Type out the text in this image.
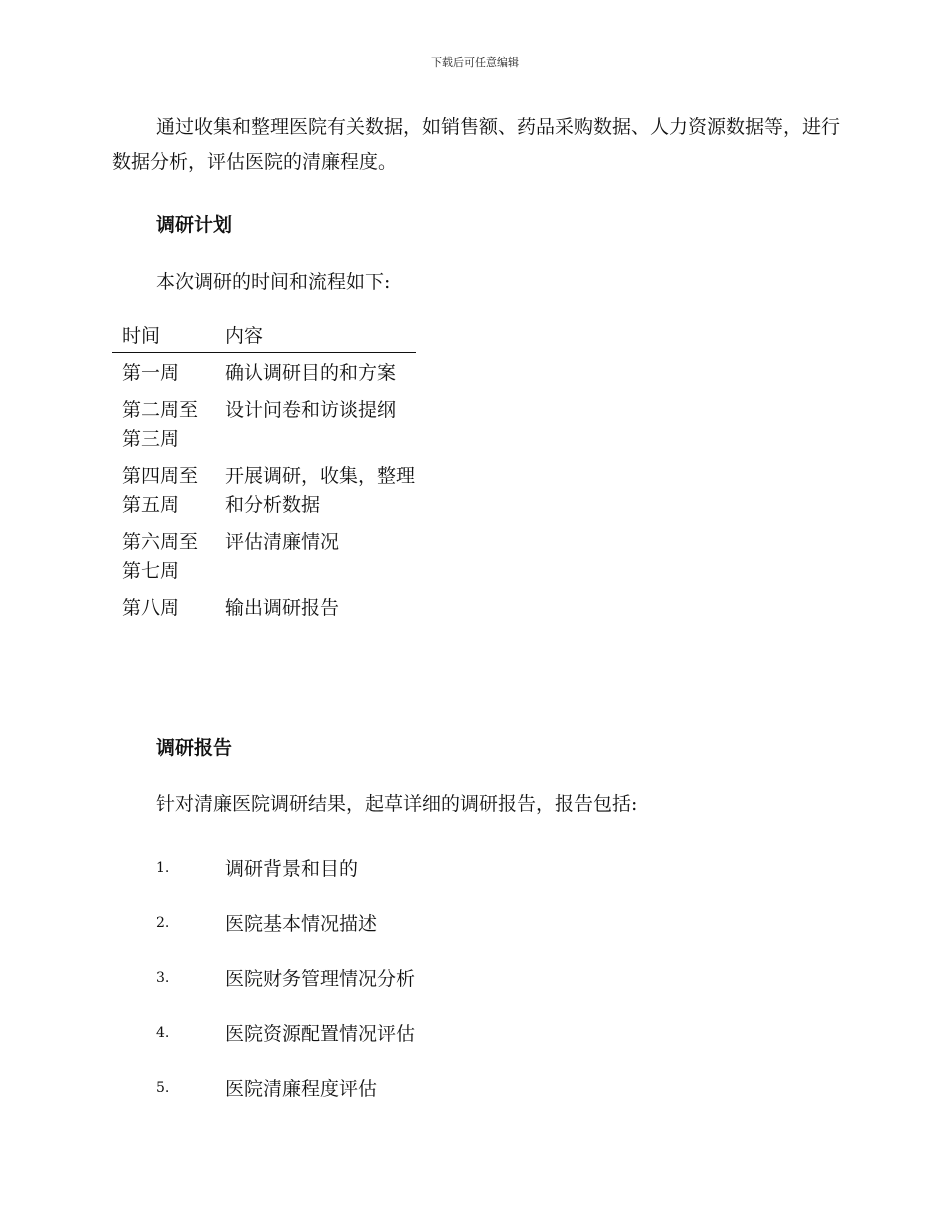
下载后可任意编辑

通过收集和整理医院有关数据，如销售额、药品采购数据、人力资源数据等，进行数据分析，评估医院的清廉程度。

调研计划
本次调研的时间和流程如下:
时间	内容
第一周	确认调研目的和方案
第二周至第三周	设计问卷和访谈提纲
第四周至第五周	开展调研，收集，整理和分析数据
第六周至第七周	评估清廉情况
第八周	输出调研报告
调研报告
针对清廉医院调研结果，起草详细的调研报告，报告包括:
1.	调研背景和目的
2.	医院基本情况描述
3.	医院财务管理情况分析
4.	医院资源配置情况评估
5.	医院清廉程度评估
